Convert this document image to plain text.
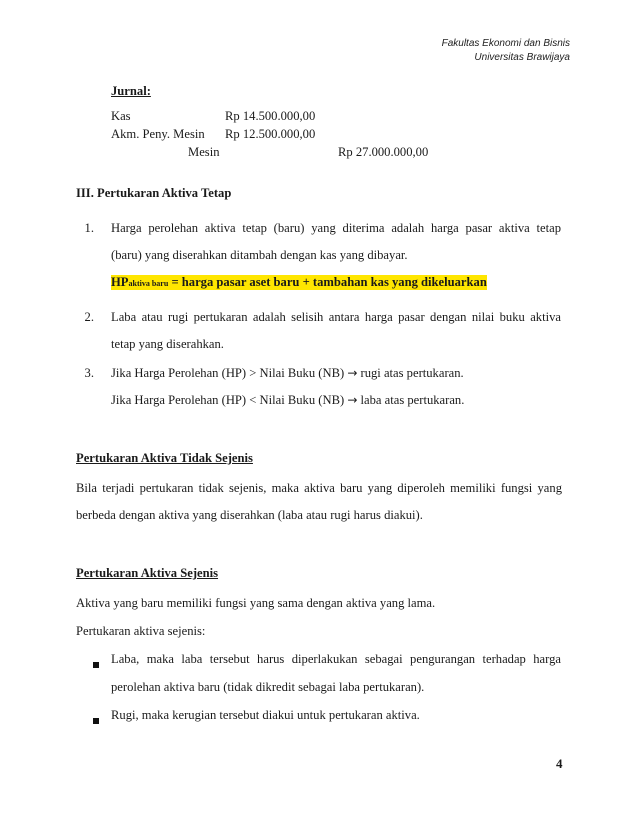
Fakultas Ekonomi dan Bisnis
Universitas Brawijaya
Jurnal:
Kas	Rp 14.500.000,00
Akm. Peny. Mesin Rp 12.500.000,00
Mesin	Rp 27.000.000,00
III. Pertukaran Aktiva Tetap
1. Harga perolehan aktiva tetap (baru) yang diterima adalah harga pasar aktiva tetap
(baru) yang diserahkan ditambah dengan kas yang dibayar.
HPaktiva baru = harga pasar aset baru + tambahan kas yang dikeluarkan
2. Laba atau rugi pertukaran adalah selisih antara harga pasar dengan nilai buku aktiva
tetap yang diserahkan.
3. Jika Harga Perolehan (HP) > Nilai Buku (NB) → rugi atas pertukaran.
Jika Harga Perolehan (HP) < Nilai Buku (NB) → laba atas pertukaran.
Pertukaran Aktiva Tidak Sejenis
Bila terjadi pertukaran tidak sejenis, maka aktiva baru yang diperoleh memiliki fungsi yang
berbeda dengan aktiva yang diserahkan (laba atau rugi harus diakui).
Pertukaran Aktiva Sejenis
Aktiva yang baru memiliki fungsi yang sama dengan aktiva yang lama.
Pertukaran aktiva sejenis:
Laba, maka laba tersebut harus diperlakukan sebagai pengurangan terhadap harga
perolehan aktiva baru (tidak dikredit sebagai laba pertukaran).
Rugi, maka kerugian tersebut diakui untuk pertukaran aktiva.
4
